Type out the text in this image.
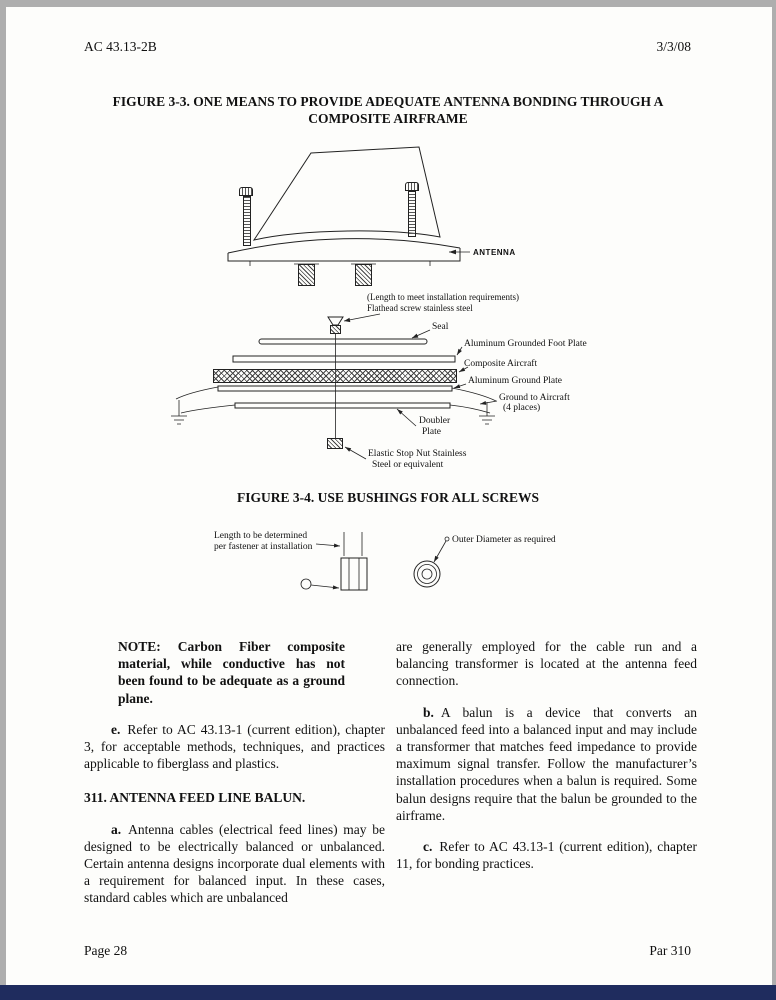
AC 43.13-2B	3/3/08
FIGURE 3-3. ONE MEANS TO PROVIDE ADEQUATE ANTENNA BONDING THROUGH A
COMPOSITE AIRFRAME
ANTENNA
(Length to meet installation requirements)
Flathead screw stainless steel
Seal
Aluminum Grounded Foot Plate
Composite Aircraft
Aluminum Ground Plate
Ground to Aircraft
(4 places)
Doubler
Plate
Elastic Stop Nut Stainless
Steel or equivalent
FIGURE 3-4. USE BUSHINGS FOR ALL SCREWS
Length to be determined
per fastener at installation
Outer Diameter as required

NOTE: Carbon Fiber composite material, while conductive has not been found to be adequate as a ground plane.

e. Refer to AC 43.13-1 (current edition), chapter 3, for acceptable methods, techniques, and practices applicable to fiberglass and plastics.

311. ANTENNA FEED LINE BALUN.

a. Antenna cables (electrical feed lines) may be designed to be electrically balanced or unbalanced. Certain antenna designs incorporate dual elements with a requirement for balanced input. In these cases, standard cables which are unbalanced

are generally employed for the cable run and a balancing transformer is located at the antenna feed connection.

b. A balun is a device that converts an unbalanced feed into a balanced input and may include a transformer that matches feed impedance to provide maximum signal transfer. Follow the manufacturer’s installation procedures when a balun is required. Some balun designs require that the balun be grounded to the airframe.

c. Refer to AC 43.13-1 (current edition), chapter 11, for bonding practices.

Page 28	Par 310
